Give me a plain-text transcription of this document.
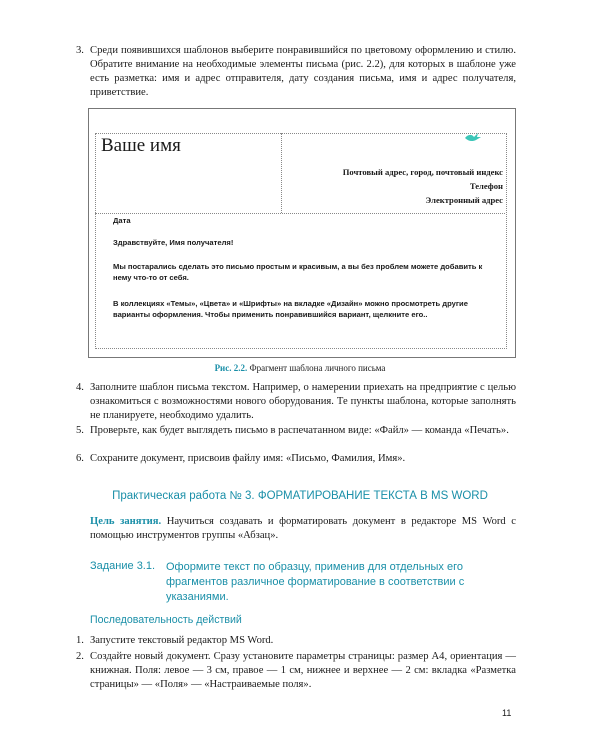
3. Среди появившихся шаблонов выберите понравившийся по цветовому оформлению и стилю. Обратите внимание на необходимые элементы письма (рис. 2.2), для которых в шаблоне уже есть разметка: имя и адрес отправителя, дату создания письма, имя и адрес получателя, приветствие.
Ваше имя
Почтовый адрес, город, почтовый индекс
Телефон
Электронный адрес
Дата
Здравствуйте, Имя получателя!
Мы постарались сделать это письмо простым и красивым, а вы без проблем можете добавить к нему что-то от себя.
В коллекциях «Темы», «Цвета» и «Шрифты» на вкладке «Дизайн» можно просмотреть другие варианты оформления. Чтобы применить понравившийся вариант, щелкните его..
Рис. 2.2. Фрагмент шаблона личного письма
4. Заполните шаблон письма текстом. Например, о намерении приехать на предприятие с целью ознакомиться с возможностями нового оборудования. Те пункты шаблона, которые заполнять не планируете, необходимо удалить.
5. Проверьте, как будет выглядеть письмо в распечатанном виде: «Файл» — команда «Печать».
6. Сохраните документ, присвоив файлу имя: «Письмо, Фамилия, Имя».
Практическая работа № 3. ФОРМАТИРОВАНИЕ ТЕКСТА В MS WORD
Цель занятия. Научиться создавать и форматировать документ в редакторе MS Word с помощью инструментов группы «Абзац».
Задание 3.1. Оформите текст по образцу, применив для отдельных его фрагментов различное форматирование в соответствии с указаниями.
Последовательность действий
1. Запустите текстовый редактор MS Word.
2. Создайте новый документ. Сразу установите параметры страницы: размер А4, ориентация — книжная. Поля: левое — 3 см, правое — 1 см, нижнее и верхнее — 2 см: вкладка «Разметка страницы» — «Поля» — «Настраиваемые поля».
11
